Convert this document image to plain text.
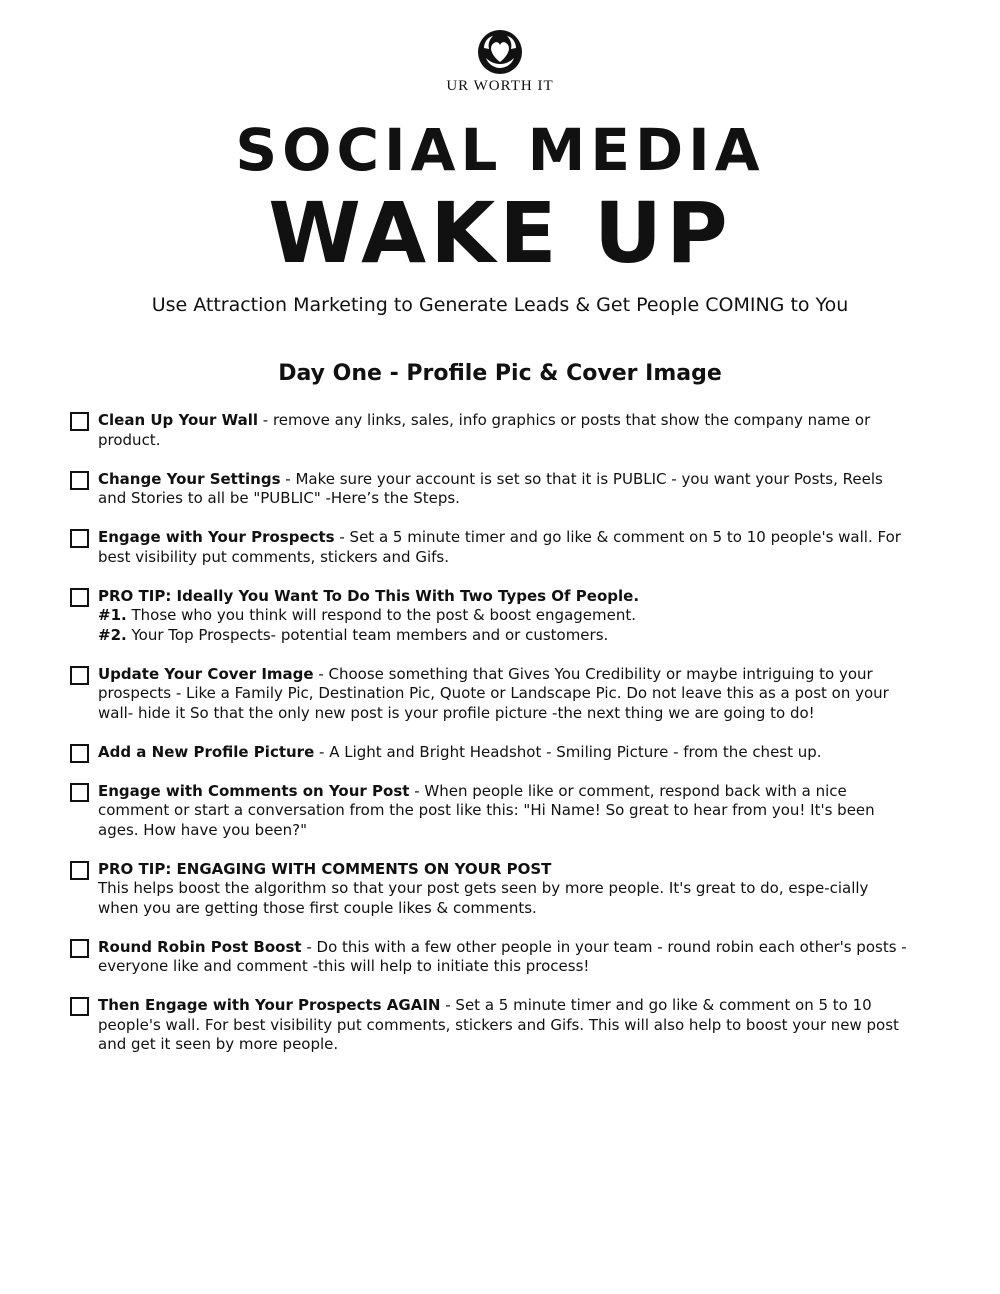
UR WORTH IT
SOCIAL MEDIA
WAKE UP
Use Attraction Marketing to Generate Leads & Get People COMING to You
Day One - Profile Pic & Cover Image
Clean Up Your Wall - remove any links, sales, info graphics or posts that show the company name or product.
Change Your Settings - Make sure your account is set so that it is PUBLIC - you want your Posts, Reels and Stories to all be "PUBLIC" -Here’s the Steps.
Engage with Your Prospects - Set a 5 minute timer and go like & comment on 5 to 10 people's wall. For best visibility put comments, stickers and Gifs.
PRO TIP: Ideally You Want To Do This With Two Types Of People.
#1. Those who you think will respond to the post & boost engagement.
#2. Your Top Prospects- potential team members and or customers.
Update Your Cover Image - Choose something that Gives You Credibility or maybe intriguing to your prospects - Like a Family Pic, Destination Pic, Quote or Landscape Pic. Do not leave this as a post on your wall- hide it So that the only new post is your profile picture -the next thing we are going to do!
Add a New Profile Picture - A Light and Bright Headshot - Smiling Picture - from the chest up.
Engage with Comments on Your Post - When people like or comment, respond back with a nice comment or start a conversation from the post like this: "Hi Name! So great to hear from you! It's been ages. How have you been?"
PRO TIP: ENGAGING WITH COMMENTS ON YOUR POST
This helps boost the algorithm so that your post gets seen by more people. It's great to do, espe-cially when you are getting those first couple likes & comments.
Round Robin Post Boost - Do this with a few other people in your team - round robin each other's posts - everyone like and comment -this will help to initiate this process!
Then Engage with Your Prospects AGAIN - Set a 5 minute timer and go like & comment on 5 to 10 people's wall. For best visibility put comments, stickers and Gifs. This will also help to boost your new post and get it seen by more people.
